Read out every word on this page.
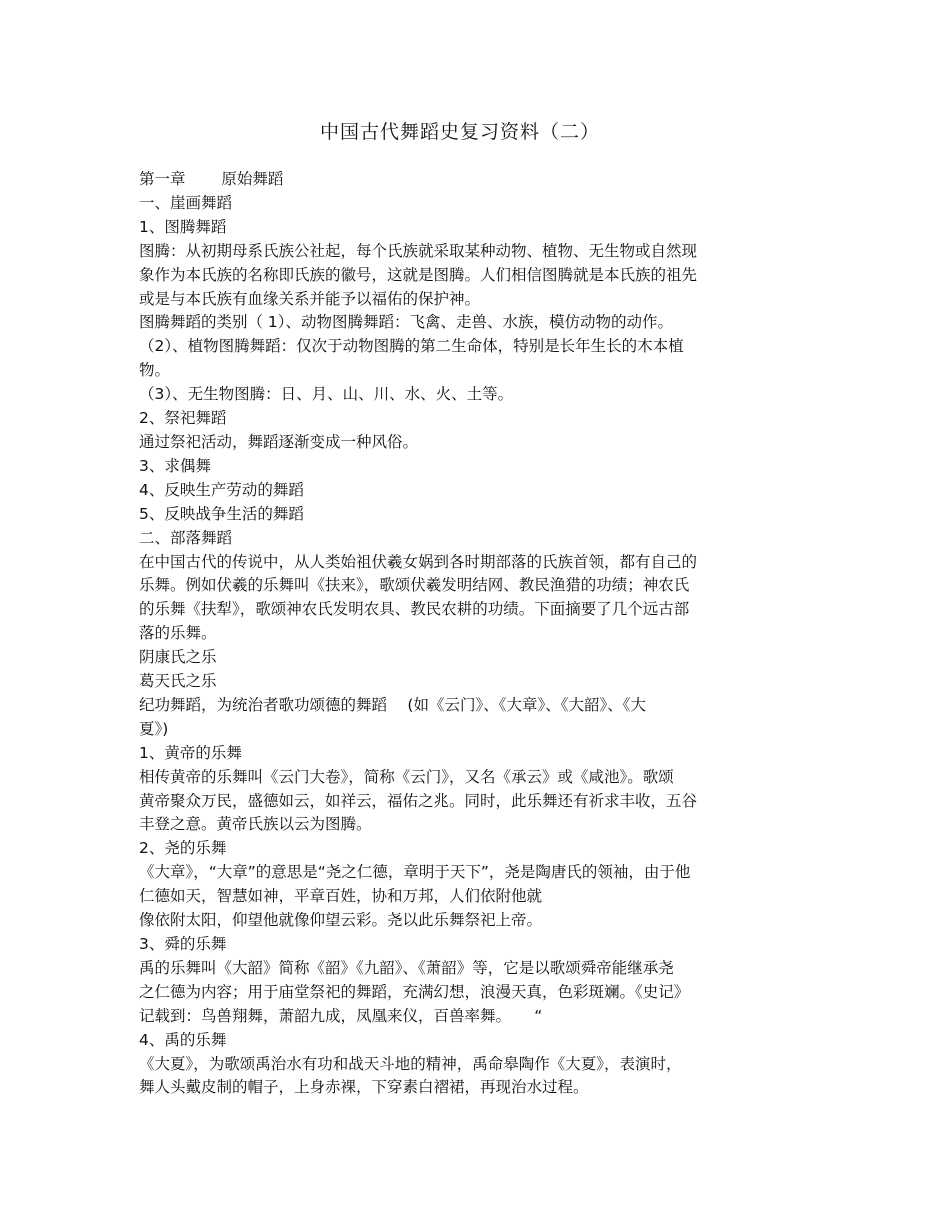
中国古代舞蹈史复习资料（二）
第一章　　 原始舞蹈
一、崖画舞蹈
1、图腾舞蹈
图腾：从初期母系氏族公社起，每个氏族就采取某种动物、植物、无生物或自然现
象作为本氏族的名称即氏族的徽号，这就是图腾。人们相信图腾就是本氏族的祖先
或是与本氏族有血缘关系并能予以福佑的保护神。
图腾舞蹈的类别（ 1）、动物图腾舞蹈：飞禽、走兽、水族，模仿动物的动作。
（2）、植物图腾舞蹈：仅次于动物图腾的第二生命体，特别是长年生长的木本植
物。
（3）、无生物图腾：日、月、山、川、水、火、土等。
2、祭祀舞蹈
通过祭祀活动，舞蹈逐渐变成一种风俗。
3、求偶舞
4、反映生产劳动的舞蹈
5、反映战争生活的舞蹈
二、部落舞蹈
在中国古代的传说中，从人类始祖伏羲女娲到各时期部落的氏族首领，都有自己的
乐舞。例如伏羲的乐舞叫《扶来》，歌颂伏羲发明结网、教民渔猎的功绩；神农氏
的乐舞《扶犁》，歌颂神农氏发明农具、教民农耕的功绩。下面摘要了几个远古部
落的乐舞。
阴康氏之乐
葛天氏之乐
纪功舞蹈，为统治者歌功颂德的舞蹈　 (如《云门》、《大章》、《大韶》、《大
夏》)
1、黄帝的乐舞
相传黄帝的乐舞叫《云门大卷》，简称《云门》，又名《承云》或《咸池》。歌颂
黄帝聚众万民，盛德如云，如祥云，福佑之兆。同时，此乐舞还有祈求丰收，五谷
丰登之意。黄帝氏族以云为图腾。
2、尧的乐舞
《大章》，“大章”的意思是“尧之仁德，章明于天下”，尧是陶唐氏的领袖，由于他
仁德如天，智慧如神，平章百姓，协和万邦，人们依附他就
像依附太阳，仰望他就像仰望云彩。尧以此乐舞祭祀上帝。
3、舜的乐舞
禹的乐舞叫《大韶》简称《韶》《九韶》、《萧韶》等，它是以歌颂舜帝能继承尧
之仁德为内容；用于庙堂祭祀的舞蹈，充满幻想，浪漫天真，色彩斑斓。《史记》
记载到：鸟兽翔舞，萧韶九成，凤凰来仪，百兽率舞。　　“
4、禹的乐舞
《大夏》，为歌颂禹治水有功和战天斗地的精神，禹命皋陶作《大夏》，表演时，
舞人头戴皮制的帽子，上身赤裸，下穿素白褶裙，再现治水过程。
